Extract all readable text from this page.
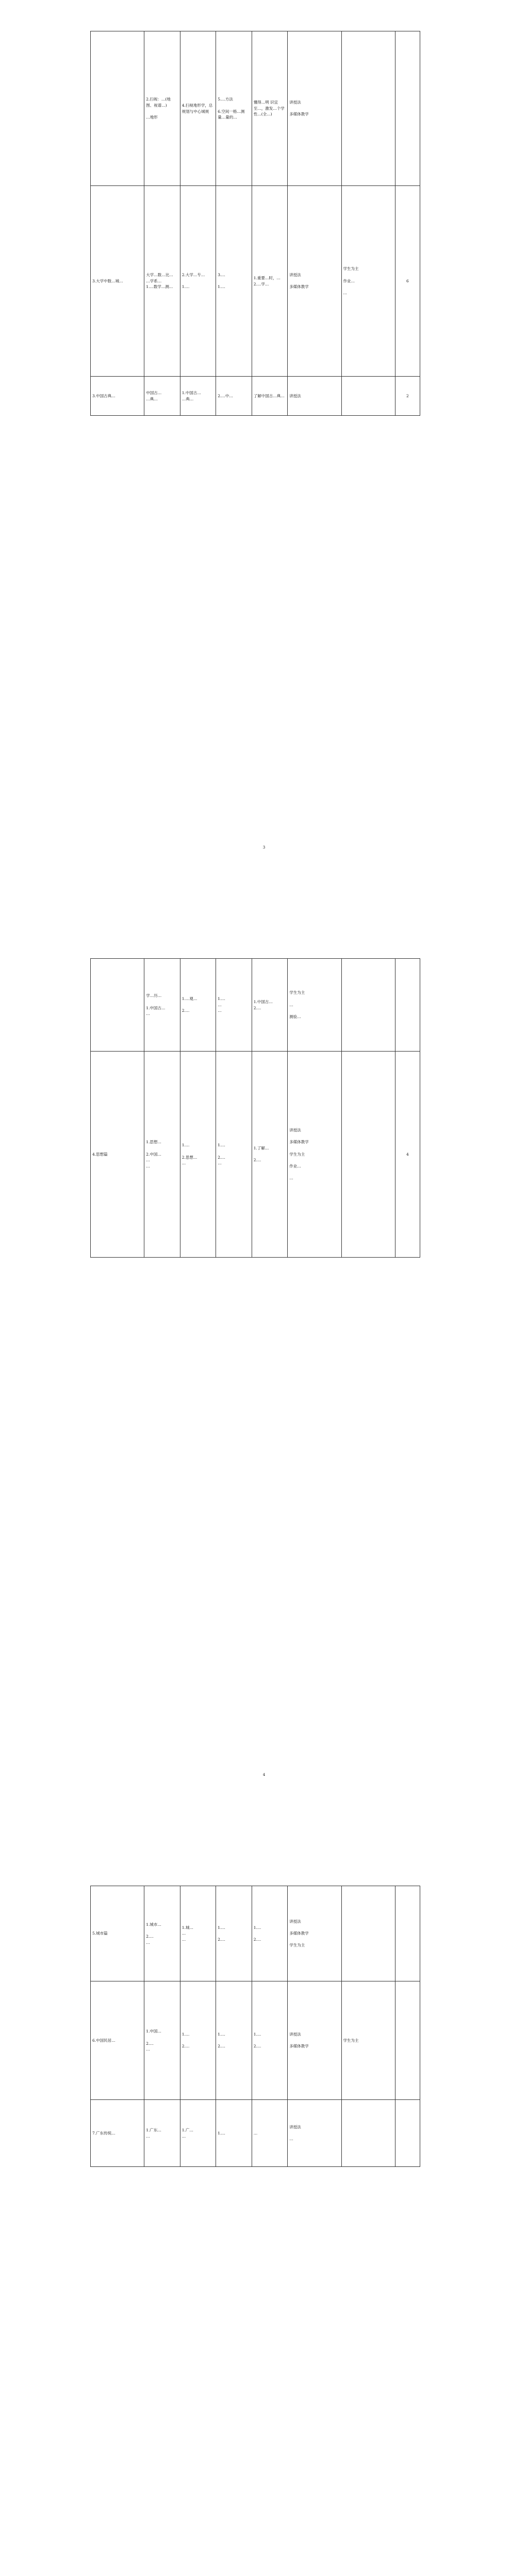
	2.扫视：…(地图、视谱…)

…地形	4.扫视地形学，总规划与中心城规	5.…方法

6.空间一格…测量…量的…	懂得…明 识宜至…，激发…个学性…(全…)	讲授法

多媒体教学		
3.大学中数…城…	大学…数…比…
…学系…
1.…数学…测…	2.大学…专…

1.…	3.…

1.…	1.重要…时，…
2.…学…	讲授法

多媒体教学	学生为主

作业…

…	6
3.中国古典…	中国古…
…典…	1.中国古…
…典…	2.…中…	了解中国古…典…	讲授法		2
3
	学…历…

1.中国古…
…	1.…观…

2.…	1.…
…
…	1.中国古…
2.…	学生为主

…

测验…		
4.思想篇	1.思想…

2.中国…
…
…	1.…

2.思想…
…	1.…

2.…
…	1.了解…

2.…	讲授法

多媒体教学

学生为主

作业…

…		4
4
5.城市篇	1.城市…

2.…
…	1.城…
…
…	1.…

2.…	1.…

2.…	讲授法

多媒体教学

学生为主		
6.中国民居…	1.中国…

2.…
…	1.…

2.…	1.…

2.…	1.…

2.…	讲授法

多媒体教学	学生为主	
7.广东传统…	1.广东…
…	1.广…
…	1.…	…	讲授法

…		
